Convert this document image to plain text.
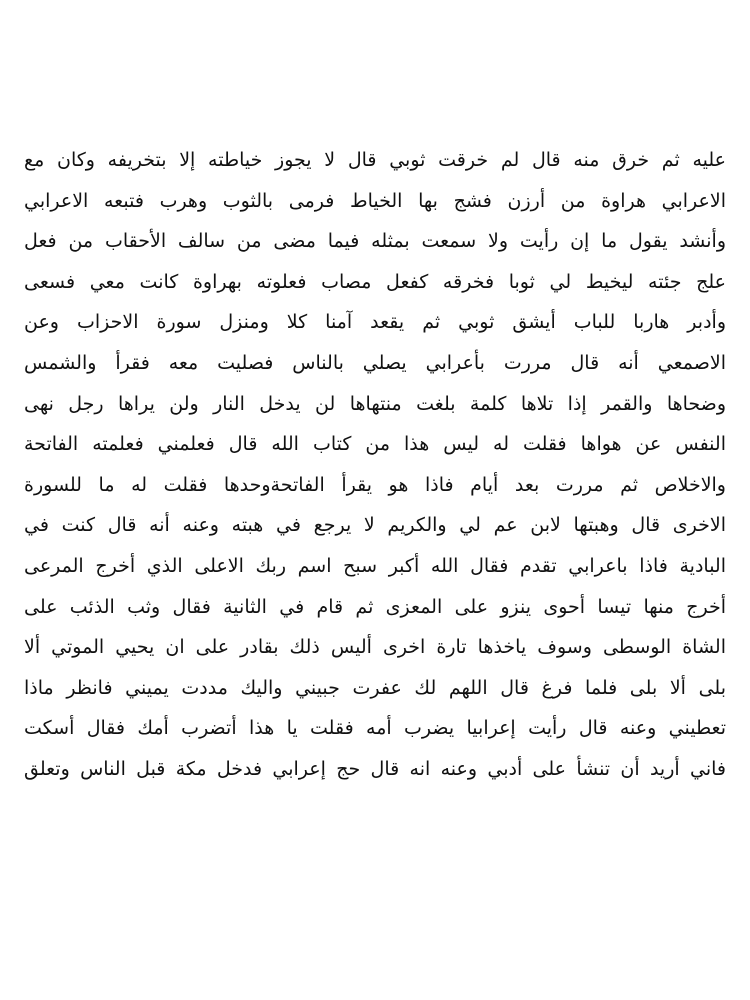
عليه ثم خرق منه قال لم خرقت ثوبي قال لا يجوز خياطته إلا بتخريفه وكان مع
الاعرابي هراوة من أرزن فشج بها الخياط فرمى بالثوب وهرب فتبعه الاعرابي
وأنشد يقول ما إن رأيت ولا سمعت بمثله فيما مضى من سالف الأحقاب من فعل
علج جئته ليخيط لي ثوبا فخرقه كفعل مصاب فعلوته بهراوة كانت معي فسعى
وأدبر هاربا للباب أيشق ثوبي ثم يقعد آمنا كلا ومنزل سورة الاحزاب وعن
الاصمعي أنه قال مررت بأعرابي يصلي بالناس فصليت معه فقرأ والشمس
وضحاها والقمر إذا تلاها كلمة بلغت منتهاها لن يدخل النار ولن يراها رجل نهى
النفس عن هواها فقلت له ليس هذا من كتاب الله قال فعلمني فعلمته الفاتحة
والاخلاص ثم مررت بعد أيام فاذا هو يقرأ الفاتحةوحدها فقلت له ما للسورة
الاخرى قال وهبتها لابن عم لي والكريم لا يرجع في هبته وعنه أنه قال كنت في
البادية فاذا باعرابي تقدم فقال الله أكبر سبح اسم ربك الاعلى الذي أخرج المرعى
أخرج منها تيسا أحوى ينزو على المعزى ثم قام في الثانية فقال وثب الذئب على
الشاة الوسطى وسوف ياخذها تارة اخرى أليس ذلك بقادر على ان يحيي الموتي ألا
بلى ألا بلى فلما فرغ قال اللهم لك عفرت جبيني واليك مددت يميني فانظر ماذا
تعطيني وعنه قال رأيت إعرابيا يضرب أمه فقلت يا هذا أتضرب أمك فقال أسكت
فاني أريد أن تنشأ على أدبي وعنه انه قال حج إعرابي فدخل مكة قبل الناس وتعلق
